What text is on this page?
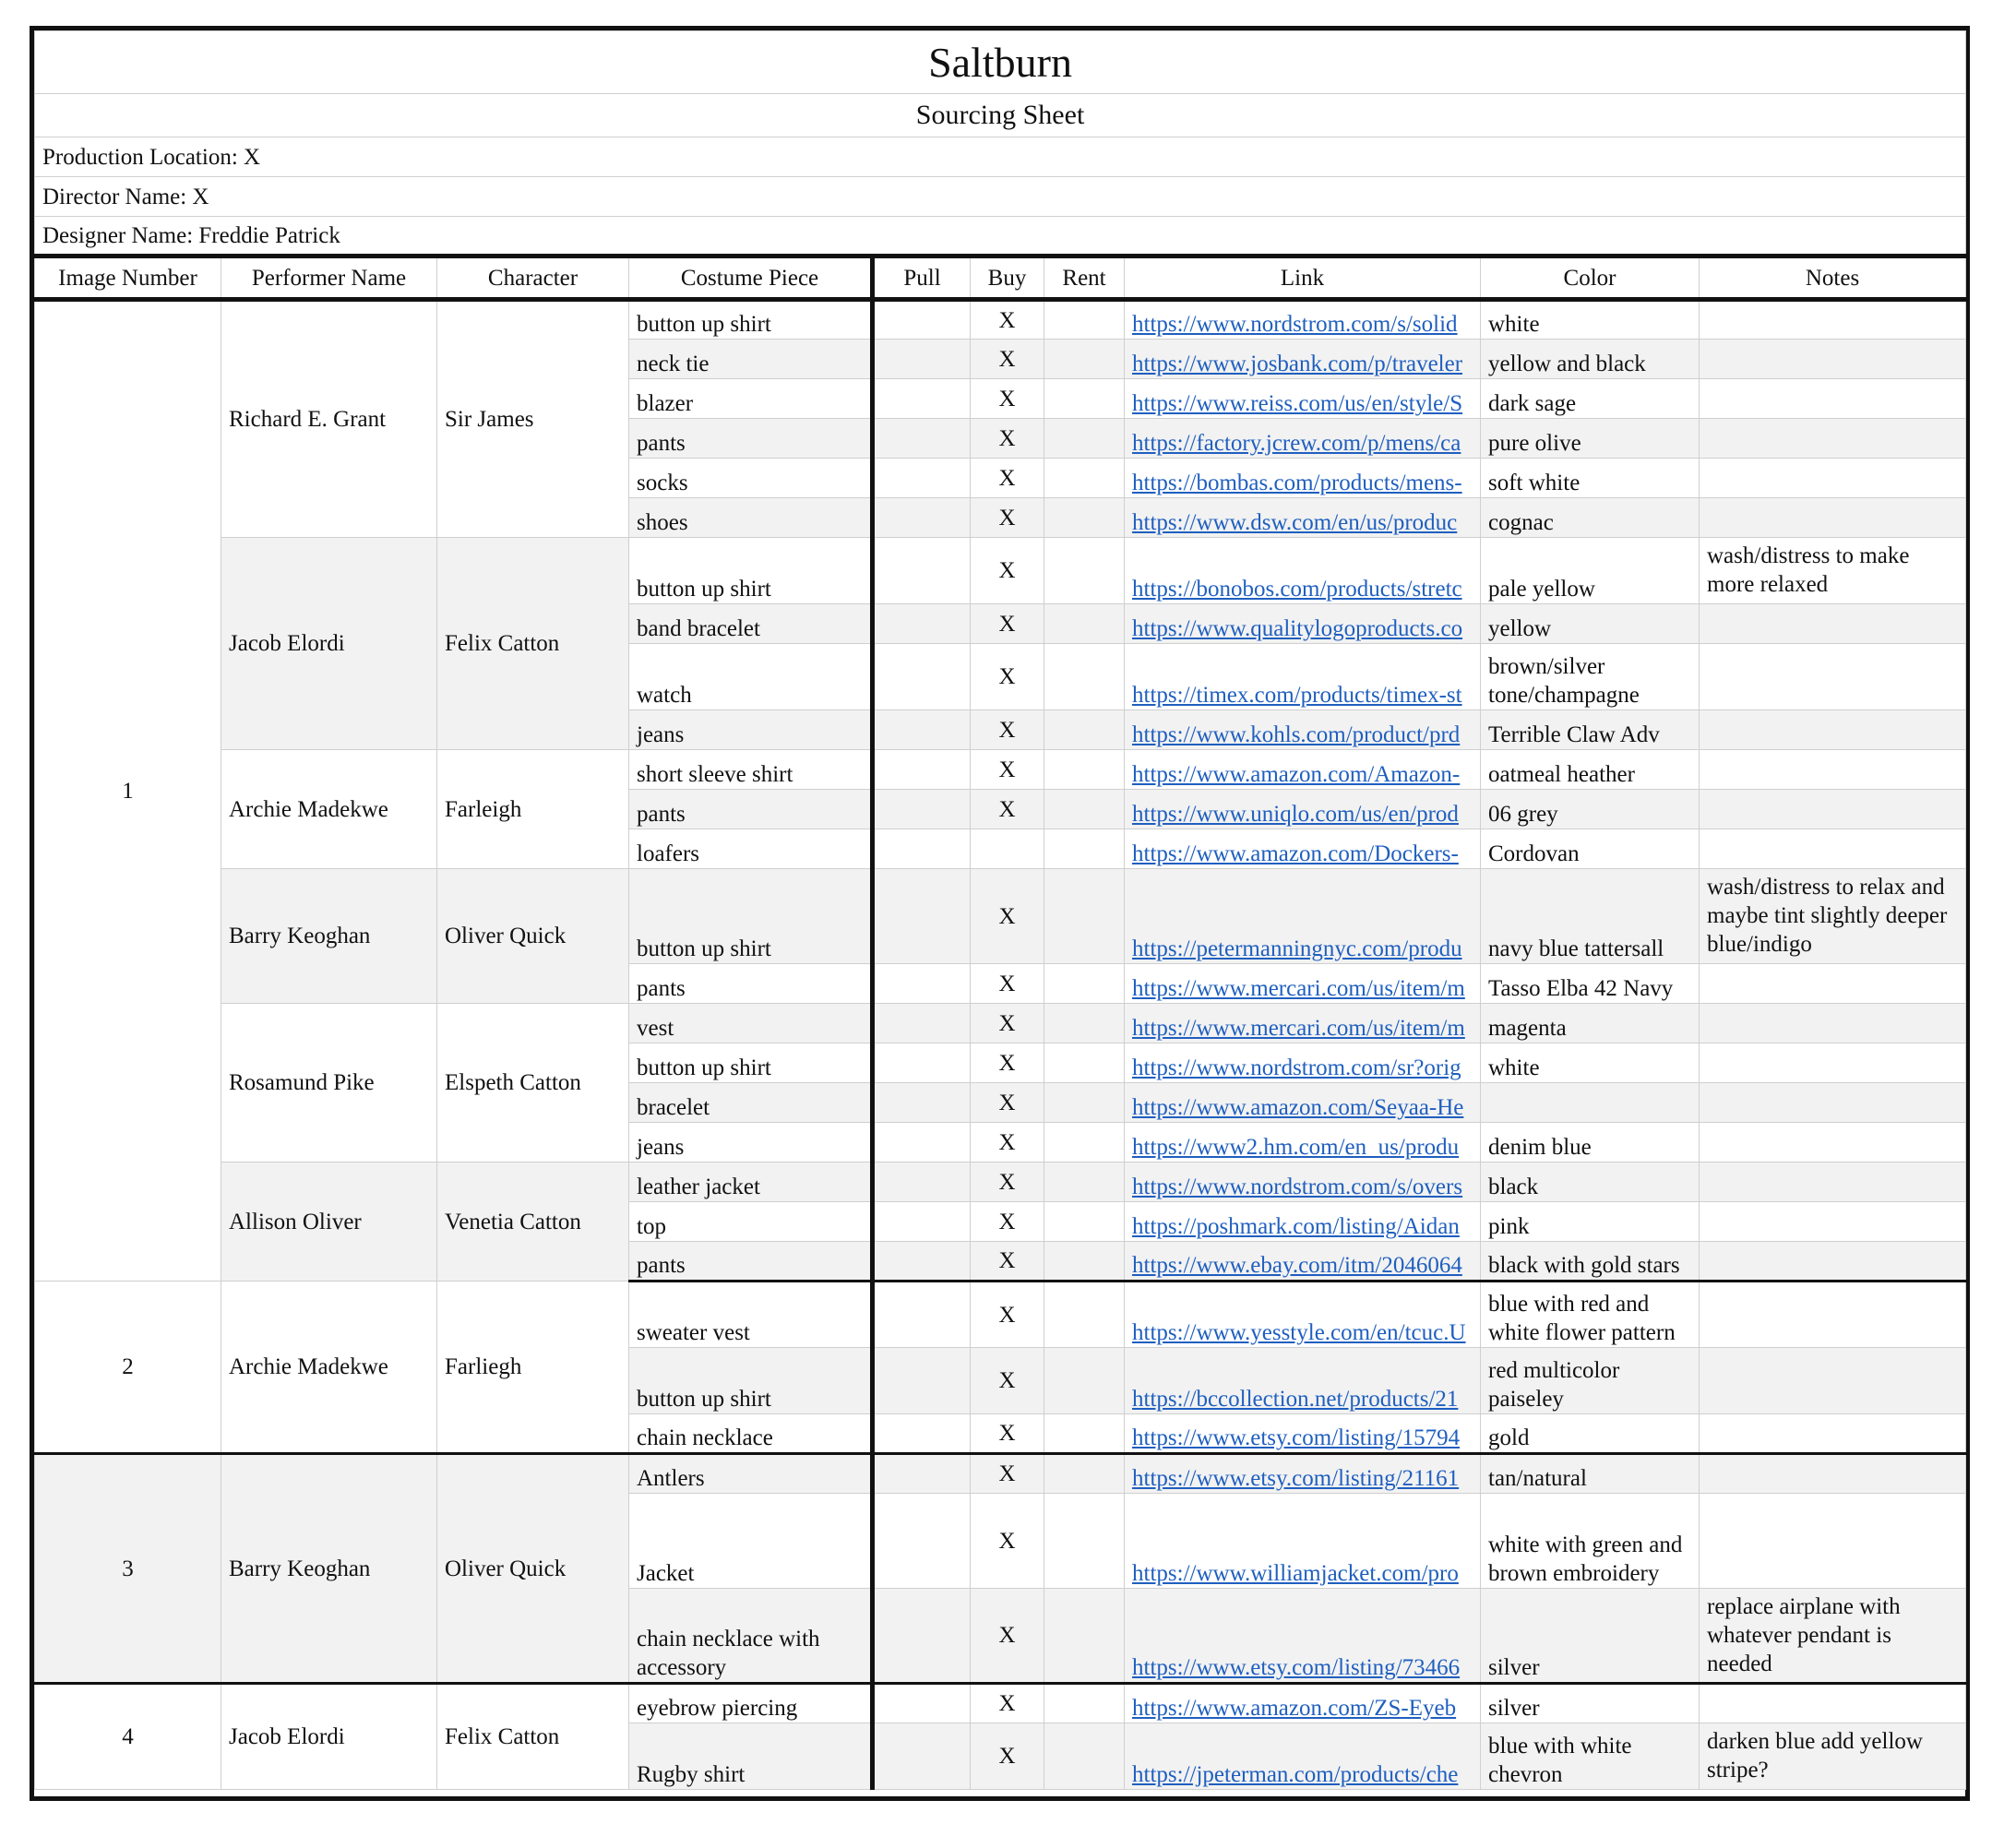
Saltburn									
Sourcing Sheet									
Production Location: X									
Director Name: X									
Designer Name: Freddie Patrick									
Image Number	Performer Name	Character	Costume Piece	Pull	Buy	Rent	Link	Color	Notes
1	Richard E. Grant	Sir James	button up shirt		X		https://www.nordstrom.com/s/solid	white	
			neck tie		X		https://www.josbank.com/p/traveler	yellow and black	
			blazer		X		https://www.reiss.com/us/en/style/S	dark sage	
			pants		X		https://factory.jcrew.com/p/mens/ca	pure olive	
			socks		X		https://bombas.com/products/mens-	soft white	
			shoes		X		https://www.dsw.com/en/us/produc	cognac	
	Jacob Elordi	Felix Catton	button up shirt		X		https://bonobos.com/products/stretc	pale yellow	wash/distress to make more relaxed
			band bracelet		X		https://www.qualitylogoproducts.co	yellow	
			watch		X		https://timex.com/products/timex-st	brown/silver tone/champagne	
			jeans		X		https://www.kohls.com/product/prd	Terrible Claw Adv	
	Archie Madekwe	Farleigh	short sleeve shirt		X		https://www.amazon.com/Amazon-	oatmeal heather	
			pants		X		https://www.uniqlo.com/us/en/prod	06 grey	
			loafers				https://www.amazon.com/Dockers-	Cordovan	
	Barry Keoghan	Oliver Quick	button up shirt		X		https://petermanningnyc.com/produ	navy blue tattersall	wash/distress to relax and maybe tint slightly deeper blue/indigo
			pants		X		https://www.mercari.com/us/item/m	Tasso Elba 42 Navy	
	Rosamund Pike	Elspeth Catton	vest		X		https://www.mercari.com/us/item/m	magenta	
			button up shirt		X		https://www.nordstrom.com/sr?orig	white	
			bracelet		X		https://www.amazon.com/Seyaa-He		
			jeans		X		https://www2.hm.com/en_us/produ	denim blue	
	Allison Oliver	Venetia Catton	leather jacket		X		https://www.nordstrom.com/s/overs	black	
			top		X		https://poshmark.com/listing/Aidan	pink	
			pants		X		https://www.ebay.com/itm/2046064	black with gold stars	
2	Archie Madekwe	Farliegh	sweater vest		X		https://www.yesstyle.com/en/tcuc.U	blue with red and white flower pattern	
			button up shirt		X		https://bccollection.net/products/21	red multicolor paiseley	
			chain necklace		X		https://www.etsy.com/listing/15794	gold	
3	Barry Keoghan	Oliver Quick	Antlers		X		https://www.etsy.com/listing/21161	tan/natural	
			Jacket		X		https://www.williamjacket.com/pro	white with green and brown embroidery	
			chain necklace with accessory		X		https://www.etsy.com/listing/73466	silver	replace airplane with whatever pendant is needed
4	Jacob Elordi	Felix Catton	eyebrow piercing		X		https://www.amazon.com/ZS-Eyeb	silver	
			Rugby shirt		X		https://jpeterman.com/products/che	blue with white chevron	darken blue add yellow stripe?
